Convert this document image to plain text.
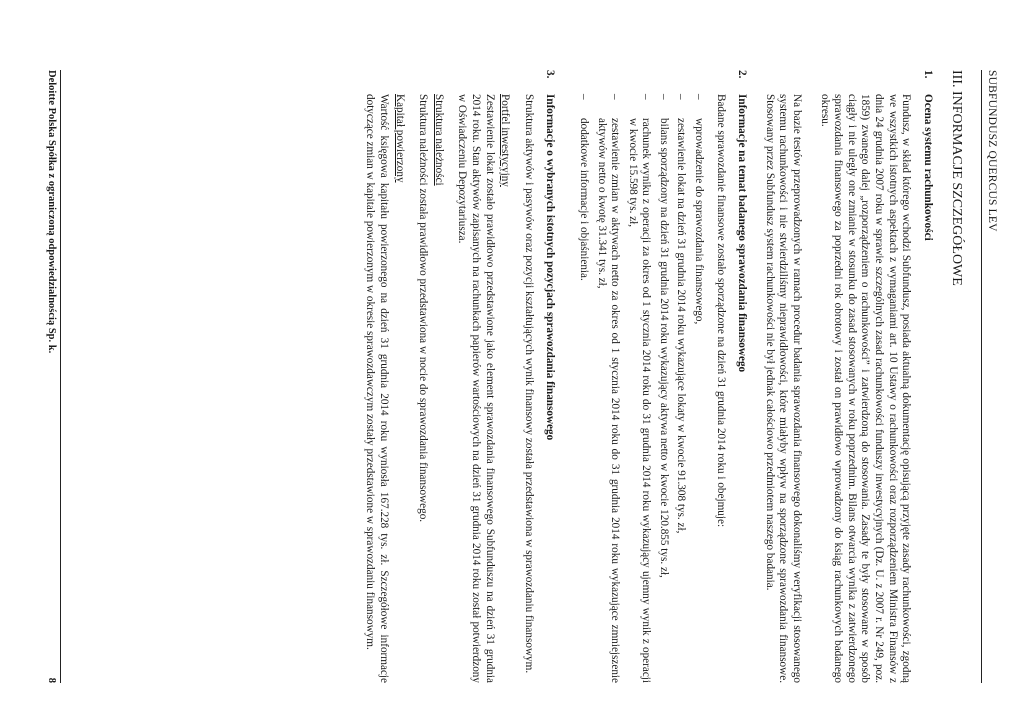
SUBFUNDUSZ QUERCUS LEV
III. INFORMACJE SZCZEGÓŁOWE
1.
Ocena systemu rachunkowości

Fundusz, w skład którego wchodzi Subfundusz, posiada aktualną dokumentację opisującą przyjęte zasady rachunkowości, zgodną we wszystkich istotnych aspektach z wymaganiami art. 10 Ustawy o rachunkowości oraz rozporządzeniem Ministra Finansów z dnia 24 grudnia 2007 roku w sprawie szczególnych zasad rachunkowości funduszy inwestycyjnych (Dz. U. z 2007 r. Nr 249, poz. 1859) zwanego dalej „rozporządzeniem o rachunkowości” i zatwierdzoną do stosowania. Zasady te były stosowane w sposób ciągły i nie uległy one zmianie w stosunku do zasad stosowanych w roku poprzednim. Bilans otwarcia wynika z zatwierdzonego sprawozdania finansowego za poprzedni rok obrotowy i został on prawidłowo wprowadzony do ksiąg rachunkowych badanego okresu.

Na bazie testów przeprowadzonych w ramach procedur badania sprawozdania finansowego dokonaliśmy weryfikacji stosowanego systemu rachunkowości i nie stwierdziliśmy nieprawidłowości, które miałyby wpływ na sporządzone sprawozdania finansowe. Stosowany przez Subfundusz system rachunkowości nie był jednak całościowo przedmiotem naszego badania.

2.
Informacje na temat badanego sprawozdania finansowego

Badane sprawozdanie finansowe zostało sporządzone na dzień 31 grudnia 2014 roku i obejmuje:

– wprowadzenie do sprawozdania finansowego,
– zestawienie lokat na dzień 31 grudnia 2014 roku wykazujące lokaty w kwocie 91.308 tys. zł,
– bilans sporządzony na dzień 31 grudnia 2014 roku wykazujący aktywa netto w kwocie 120.855 tys. zł,
– rachunek wyniku z operacji za okres od 1 stycznia 2014 roku do 31 grudnia 2014 roku wykazujący ujemny wynik z operacji w kwocie 15.598 tys. zł,
– zestawienie zmian w aktywach netto za okres od 1 stycznia 2014 roku do 31 grudnia 2014 roku wykazujące zmniejszenie aktywów netto o kwotę 31.341 tys. zł,
– dodatkowe informacje i objaśnienia.
3.
Informacje o wybranych istotnych pozycjach sprawozdania finansowego

Struktura aktywów i pasywów oraz pozycji kształtujących wynik finansowy została przedstawiona w sprawozdaniu finansowym.

Portfel inwestycyjny
Zestawienie lokat zostało prawidłowo przedstawione jako element sprawozdania finansowego Subfunduszu na dzień 31 grudnia 2014 roku. Stan aktywów zapisanych na rachunkach papierów wartościowych na dzień 31 grudnia 2014 roku został potwierdzony w Oświadczeniu Depozytariusza.
Struktura należności
Struktura należności została prawidłowo przedstawiona w nocie do sprawozdania finansowego.
Kapitał powierzony
Wartość księgowa kapitału powierzonego na dzień 31 grudnia 2014 roku wyniosła 167.228 tys. zł. Szczegółowe informacje dotyczące zmian w kapitale powierzonym w okresie sprawozdawczym zostały przedstawione w sprawozdaniu finansowym.
Deloitte Polska Spółka z ograniczoną odpowiedzialnością Sp. k.
8
